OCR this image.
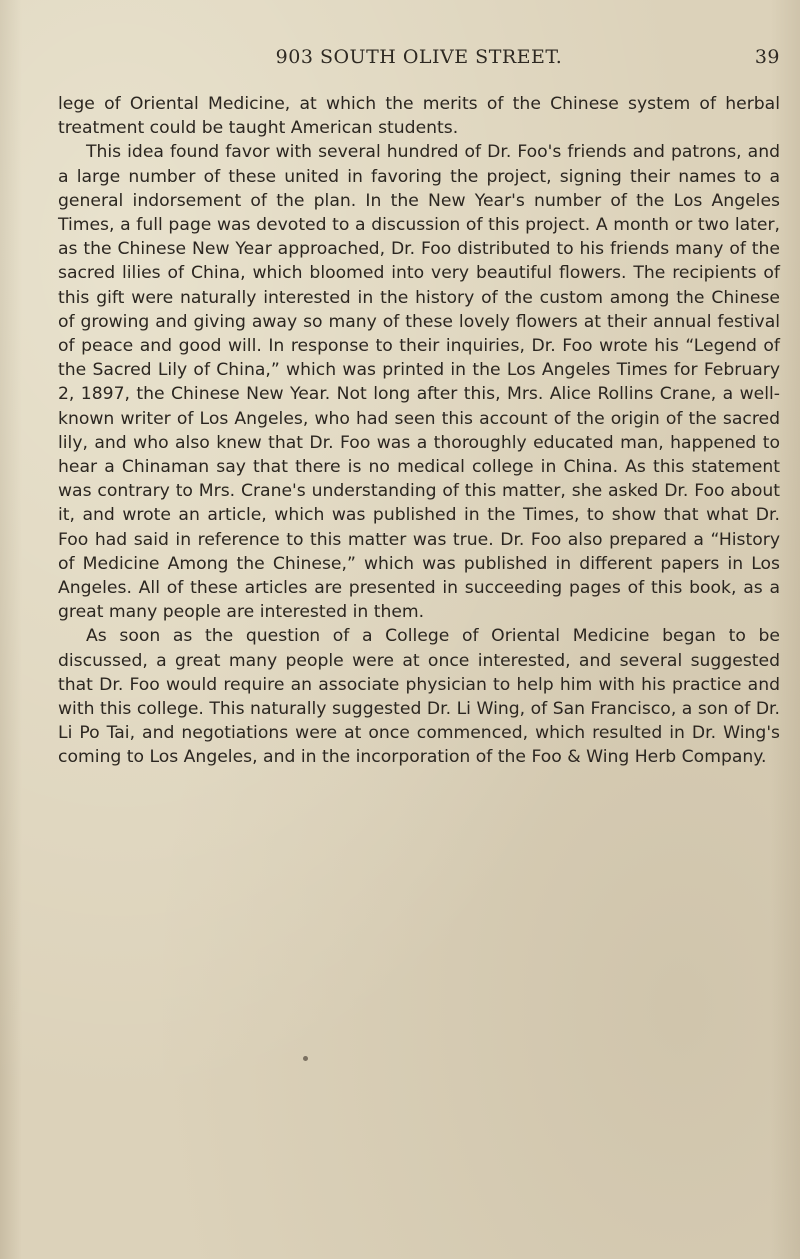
903 SOUTH OLIVE STREET.	39

lege of Oriental Medicine, at which the merits of the Chinese system of herbal treatment could be taught American students.

This idea found favor with several hundred of Dr. Foo's friends and patrons, and a large number of these united in favoring the project, signing their names to a general indorsement of the plan. In the New Year's number of the Los Angeles Times, a full page was devoted to a discussion of this project. A month or two later, as the Chinese New Year approached, Dr. Foo distributed to his friends many of the sacred lilies of China, which bloomed into very beautiful flowers. The recipients of this gift were naturally interested in the history of the custom among the Chinese of growing and giving away so many of these lovely flowers at their annual festival of peace and good will. In response to their inquiries, Dr. Foo wrote his “Legend of the Sacred Lily of China,” which was printed in the Los Angeles Times for February 2, 1897, the Chinese New Year. Not long after this, Mrs. Alice Rollins Crane, a well-known writer of Los Angeles, who had seen this account of the origin of the sacred lily, and who also knew that Dr. Foo was a thoroughly educated man, happened to hear a Chinaman say that there is no medical college in China. As this statement was contrary to Mrs. Crane's understanding of this matter, she asked Dr. Foo about it, and wrote an article, which was published in the Times, to show that what Dr. Foo had said in reference to this matter was true. Dr. Foo also prepared a “History of Medicine Among the Chinese,” which was published in different papers in Los Angeles. All of these articles are presented in succeeding pages of this book, as a great many people are interested in them.

As soon as the question of a College of Oriental Medicine began to be discussed, a great many people were at once interested, and several suggested that Dr. Foo would require an associate physician to help him with his practice and with this college. This naturally suggested Dr. Li Wing, of San Francisco, a son of Dr. Li Po Tai, and negotiations were at once commenced, which resulted in Dr. Wing's coming to Los Angeles, and in the incorporation of the Foo & Wing Herb Company.
